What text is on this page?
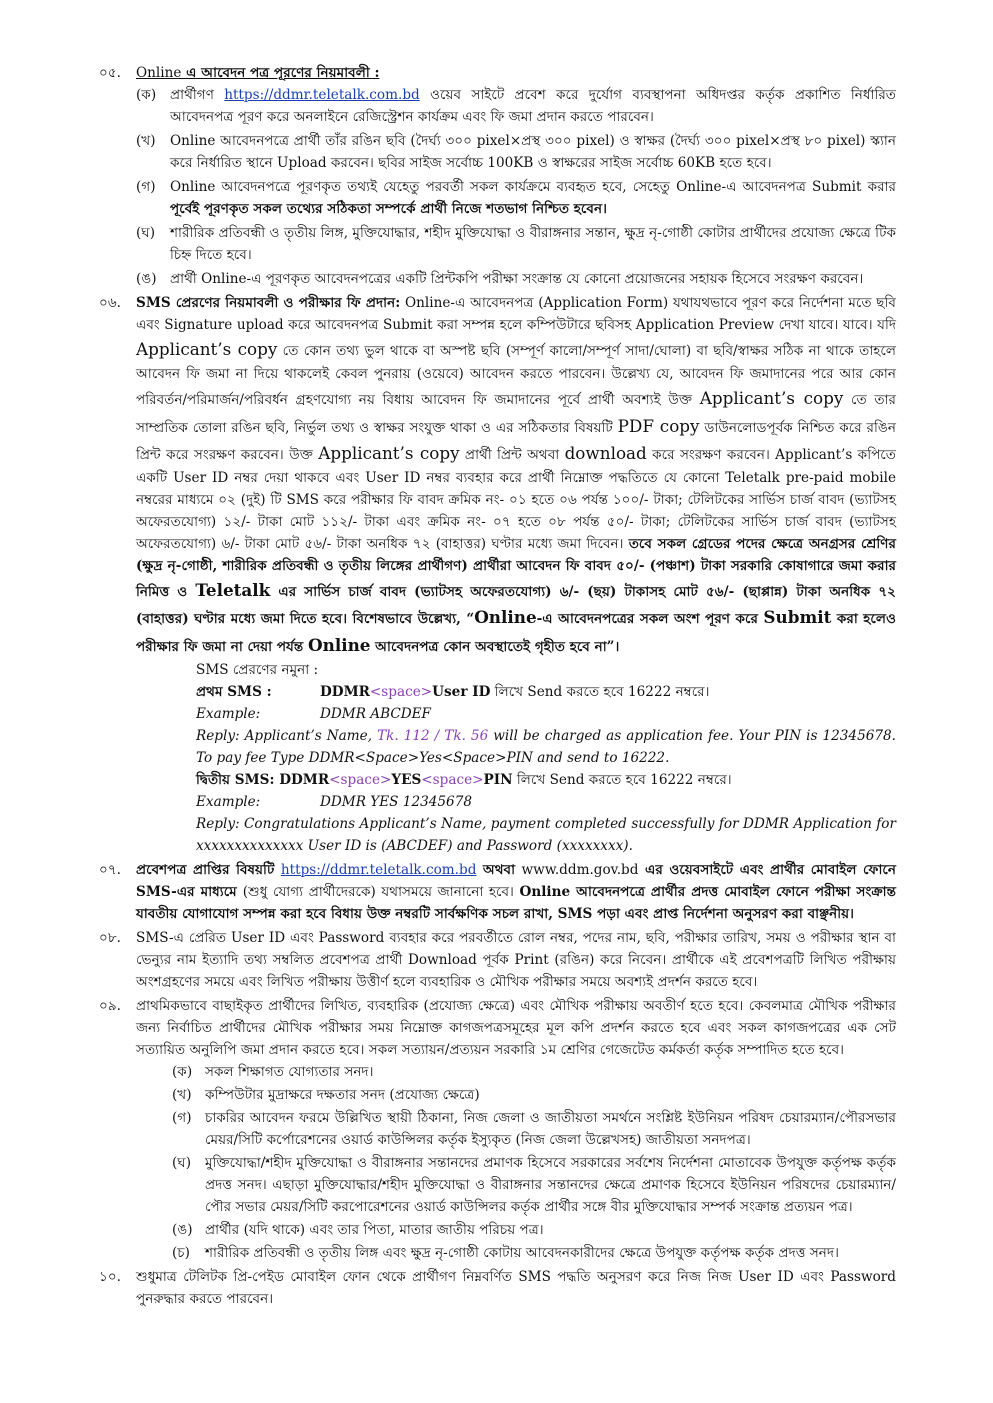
০৫. Online এ আবেদন পত্র পূরণের নিয়মাবলী :

(ক) প্রার্থীগণ https://ddmr.teletalk.com.bd ওয়েব সাইটে প্রবেশ করে দুর্যোগ ব্যবস্থাপনা অধিদপ্তর কর্তৃক প্রকাশিত নির্ধারিত আবেদনপত্র পূরণ করে অনলাইনে রেজিস্ট্রেশন কার্যক্রম এবং ফি জমা প্রদান করতে পারবেন।

(খ) Online আবেদনপত্রে প্রার্থী তাঁর রঙিন ছবি (দৈর্ঘ্য ৩০০ pixel×প্রস্থ ৩০০ pixel) ও স্বাক্ষর (দৈর্ঘ্য ৩০০ pixel×প্রস্থ ৮০ pixel) স্ক্যান করে নির্ধারিত স্থানে Upload করবেন। ছবির সাইজ সর্বোচ্চ 100KB ও স্বাক্ষরের সাইজ সর্বোচ্চ 60KB হতে হবে।

(গ) Online আবেদনপত্রে পূরণকৃত তথ্যই যেহেতু পরবর্তী সকল কার্যক্রমে ব্যবহৃত হবে, সেহেতু Online-এ আবেদনপত্র Submit করার পূর্বেই পূরণকৃত সকল তথ্যের সঠিকতা সম্পর্কে প্রার্থী নিজে শতভাগ নিশ্চিত হবেন।

(ঘ) শারীরিক প্রতিবন্ধী ও তৃতীয় লিঙ্গ, মুক্তিযোদ্ধার, শহীদ মুক্তিযোদ্ধা ও বীরাঙ্গনার সন্তান, ক্ষুদ্র নৃ-গোষ্ঠী কোটার প্রার্থীদের প্রযোজ্য ক্ষেত্রে টিক চিহ্ন দিতে হবে।

(ঙ) প্রার্থী Online-এ পূরণকৃত আবেদনপত্রের একটি প্রিন্টকপি পরীক্ষা সংক্রান্ত যে কোনো প্রয়োজনের সহায়ক হিসেবে সংরক্ষণ করবেন।

০৬. SMS প্রেরণের নিয়মাবলী ও পরীক্ষার ফি প্রদান: Online-এ আবেদনপত্র (Application Form) যথাযথভাবে পূরণ করে নির্দেশনা মতে ছবি এবং Signature upload করে আবেদনপত্র Submit করা সম্পন্ন হলে কম্পিউটারে ছবিসহ Application Preview দেখা যাবে। যাবে। যদি Applicant’s copy তে কোন তথ্য ভুল থাকে বা অস্পষ্ট ছবি (সম্পূর্ণ কালো/সম্পূর্ণ সাদা/ঘোলা) বা ছবি/স্বাক্ষর সঠিক না থাকে তাহলে আবেদন ফি জমা না দিয়ে থাকলেই কেবল পুনরায় (ওয়েবে) আবেদন করতে পারবেন। উল্লেখ্য যে, আবেদন ফি জমাদানের পরে আর কোন পরিবর্তন/পরিমার্জন/পরিবর্ধন গ্রহণযোগ্য নয় বিধায় আবেদন ফি জমাদানের পূর্বে প্রার্থী অবশ্যই উক্ত Applicant’s copy তে তার সাম্প্রতিক তোলা রঙিন ছবি, নির্ভুল তথ্য ও স্বাক্ষর সংযুক্ত থাকা ও এর সঠিকতার বিষয়টি PDF copy ডাউনলোডপূর্বক নিশ্চিত করে রঙিন প্রিন্ট করে সংরক্ষণ করবেন। উক্ত Applicant’s copy প্রার্থী প্রিন্ট অথবা download করে সংরক্ষণ করবেন। Applicant’s কপিতে একটি User ID নম্বর দেয়া থাকবে এবং User ID নম্বর ব্যবহার করে প্রার্থী নিম্নোক্ত পদ্ধতিতে যে কোনো Teletalk pre-paid mobile নম্বরের মাধ্যমে ০২ (দুই) টি SMS করে পরীক্ষার ফি বাবদ ক্রমিক নং- ০১ হতে ০৬ পর্যন্ত ১০০/- টাকা; টেলিটকের সার্ভিস চার্জ বাবদ (ভ্যাটসহ অফেরতযোগ্য) ১২/- টাকা মোট ১১২/- টাকা এবং ক্রমিক নং- ০৭ হতে ০৮ পর্যন্ত ৫০/- টাকা; টেলিটকের সার্ভিস চার্জ বাবদ (ভ্যাটসহ অফেরতযোগ্য) ৬/- টাকা মোট ৫৬/- টাকা অনধিক ৭২ (বাহাত্তর) ঘণ্টার মধ্যে জমা দিবেন। তবে সকল গ্রেডের পদের ক্ষেত্রে অনগ্রসর শ্রেণির (ক্ষুদ্র নৃ-গোষ্ঠী, শারীরিক প্রতিবন্ধী ও তৃতীয় লিঙ্গের প্রার্থীগণ) প্রার্থীরা আবেদন ফি বাবদ ৫০/- (পঞ্চাশ) টাকা সরকারি কোষাগারে জমা করার নিমিত্ত ও Teletalk এর সার্ভিস চার্জ বাবদ (ভ্যাটসহ অফেরতযোগ্য) ৬/- (ছয়) টাকাসহ মোট ৫৬/- (ছাপ্পান্ন) টাকা অনধিক ৭২ (বাহাত্তর) ঘণ্টার মধ্যে জমা দিতে হবে। বিশেষভাবে উল্লেখ্য, “Online-এ আবেদনপত্রের সকল অংশ পূরণ করে Submit করা হলেও পরীক্ষার ফি জমা না দেয়া পর্যন্ত Online আবেদনপত্র কোন অবস্থাতেই গৃহীত হবে না”।

SMS প্রেরণের নমুনা :

প্রথম SMS :	DDMR<space>User ID লিখে Send করতে হবে 16222 নম্বরে।

Example:	DDMR ABCDEF

Reply: Applicant’s Name, Tk. 112 / Tk. 56 will be charged as application fee. Your PIN is 12345678. To pay fee Type DDMR<Space>Yes<Space>PIN and send to 16222.

দ্বিতীয় SMS: DDMR<space>YES<space>PIN লিখে Send করতে হবে 16222 নম্বরে।

Example:	DDMR YES 12345678

Reply: Congratulations Applicant’s Name, payment completed successfully for DDMR Application for xxxxxxxxxxxxxx User ID is (ABCDEF) and Password (xxxxxxxx).

০৭. প্রবেশপত্র প্রাপ্তির বিষয়টি https://ddmr.teletalk.com.bd অথবা www.ddm.gov.bd এর ওয়েবসাইটে এবং প্রার্থীর মোবাইল ফোনে SMS-এর মাধ্যমে (শুধু যোগ্য প্রার্থীদেরকে) যথাসময়ে জানানো হবে। Online আবেদনপত্রে প্রার্থীর প্রদত্ত মোবাইল ফোনে পরীক্ষা সংক্রান্ত যাবতীয় যোগাযোগ সম্পন্ন করা হবে বিধায় উক্ত নম্বরটি সার্বক্ষণিক সচল রাখা, SMS পড়া এবং প্রাপ্ত নির্দেশনা অনুসরণ করা বাঞ্ছনীয়।

০৮. SMS-এ প্রেরিত User ID এবং Password ব্যবহার করে পরবর্তীতে রোল নম্বর, পদের নাম, ছবি, পরীক্ষার তারিখ, সময় ও পরীক্ষার স্থান বা ভেন্যুর নাম ইত্যাদি তথ্য সম্বলিত প্রবেশপত্র প্রার্থী Download পূর্বক Print (রঙিন) করে নিবেন। প্রার্থীকে এই প্রবেশপত্রটি লিখিত পরীক্ষায় অংশগ্রহণের সময়ে এবং লিখিত পরীক্ষায় উত্তীর্ণ হলে ব্যবহারিক ও মৌখিক পরীক্ষার সময়ে অবশ্যই প্রদর্শন করতে হবে।

০৯. প্রাথমিকভাবে বাছাইকৃত প্রার্থীদের লিখিত, ব্যবহারিক (প্রযোজ্য ক্ষেত্রে) এবং মৌখিক পরীক্ষায় অবতীর্ণ হতে হবে। কেবলমাত্র মৌখিক পরীক্ষার জন্য নির্বাচিত প্রার্থীদের মৌখিক পরীক্ষার সময় নিম্নোক্ত কাগজপত্রসমূহের মূল কপি প্রদর্শন করতে হবে এবং সকল কাগজপত্রের এক সেট সত্যায়িত অনুলিপি জমা প্রদান করতে হবে। সকল সত্যায়ন/প্রত্যয়ন সরকারি ১ম শ্রেণির গেজেটেড কর্মকর্তা কর্তৃক সম্পাদিত হতে হবে।

(ক) সকল শিক্ষাগত যোগ্যতার সনদ।

(খ) কম্পিউটার মুদ্রাক্ষরে দক্ষতার সনদ (প্রযোজ্য ক্ষেত্রে)

(গ) চাকরির আবেদন ফরমে উল্লিখিত স্থায়ী ঠিকানা, নিজ জেলা ও জাতীয়তা সমর্থনে সংশ্লিষ্ট ইউনিয়ন পরিষদ চেয়ারম্যান/পৌরসভার মেয়র/সিটি কর্পোরেশনের ওয়ার্ড কাউন্সিলর কর্তৃক ইস্যুকৃত (নিজ জেলা উল্লেখসহ) জাতীয়তা সনদপত্র।

(ঘ) মুক্তিযোদ্ধা/শহীদ মুক্তিযোদ্ধা ও বীরাঙ্গনার সন্তানদের প্রমাণক হিসেবে সরকারের সর্বশেষ নির্দেশনা মোতাবেক উপযুক্ত কর্তৃপক্ষ কর্তৃক প্রদত্ত সনদ। এছাড়া মুক্তিযোদ্ধার/শহীদ মুক্তিযোদ্ধা ও বীরাঙ্গনার সন্তানদের ক্ষেত্রে প্রমাণক হিসেবে ইউনিয়ন পরিষদের চেয়ারম্যান/পৌর সভার মেয়র/সিটি করপোরেশনের ওয়ার্ড কাউন্সিলর কর্তৃক প্রার্থীর সঙ্গে বীর মুক্তিযোদ্ধার সম্পর্ক সংক্রান্ত প্রত্যয়ন পত্র।

(ঙ) প্রার্থীর (যদি থাকে) এবং তার পিতা, মাতার জাতীয় পরিচয় পত্র।

(চ) শারীরিক প্রতিবন্ধী ও তৃতীয় লিঙ্গ এবং ক্ষুদ্র নৃ-গোষ্ঠী কোটায় আবেদনকারীদের ক্ষেত্রে উপযুক্ত কর্তৃপক্ষ কর্তৃক প্রদত্ত সনদ।

১০. শুধুমাত্র টেলিটক প্রি-পেইড মোবাইল ফোন থেকে প্রার্থীগণ নিম্নবর্ণিত SMS পদ্ধতি অনুসরণ করে নিজ নিজ User ID এবং Password পুনরুদ্ধার করতে পারবেন।
